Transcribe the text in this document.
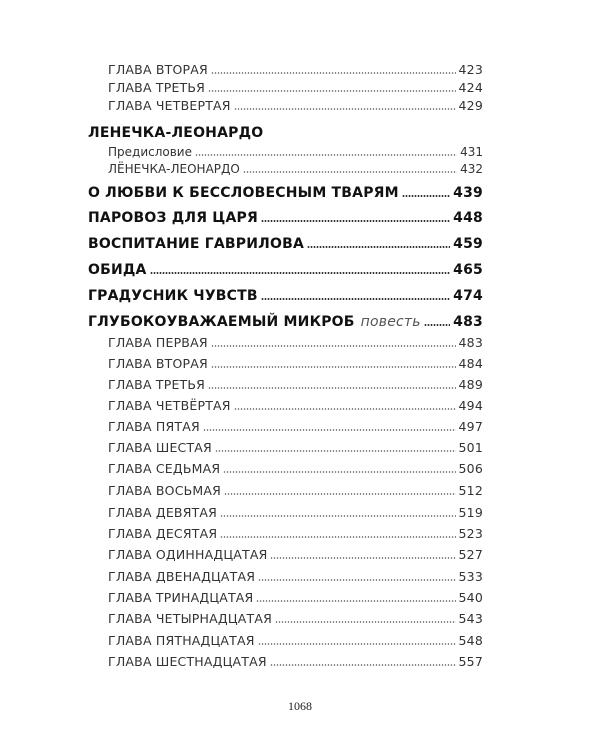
ГЛАВА ВТОРАЯ	423
ГЛАВА ТРЕТЬЯ	424
ГЛАВА ЧЕТВЕРТАЯ	429
ЛЕНЕЧКА-ЛЕОНАРДО
Предисловие	431
ЛЁНЕЧКА-ЛЕОНАРДО	432
О ЛЮБВИ К БЕССЛОВЕСНЫМ ТВАРЯМ	439
ПАРОВОЗ ДЛЯ ЦАРЯ	448
ВОСПИТАНИЕ ГАВРИЛОВА	459
ОБИДА	465
ГРАДУСНИК ЧУВСТВ	474
ГЛУБОКОУВАЖАЕМЫЙ МИКРОБ повесть 483
ГЛАВА ПЕРВАЯ	483
ГЛАВА ВТОРАЯ	484
ГЛАВА ТРЕТЬЯ	489
ГЛАВА ЧЕТВЁРТАЯ	494
ГЛАВА ПЯТАЯ	497
ГЛАВА ШЕСТАЯ	501
ГЛАВА СЕДЬМАЯ	506
ГЛАВА ВОСЬМАЯ	512
ГЛАВА ДЕВЯТАЯ	519
ГЛАВА ДЕСЯТАЯ	523
ГЛАВА ОДИННАДЦАТАЯ	527
ГЛАВА ДВЕНАДЦАТАЯ	533
ГЛАВА ТРИНАДЦАТАЯ	540
ГЛАВА ЧЕТЫРНАДЦАТАЯ	543
ГЛАВА ПЯТНАДЦАТАЯ	548
ГЛАВА ШЕСТНАДЦАТАЯ	557
1068
